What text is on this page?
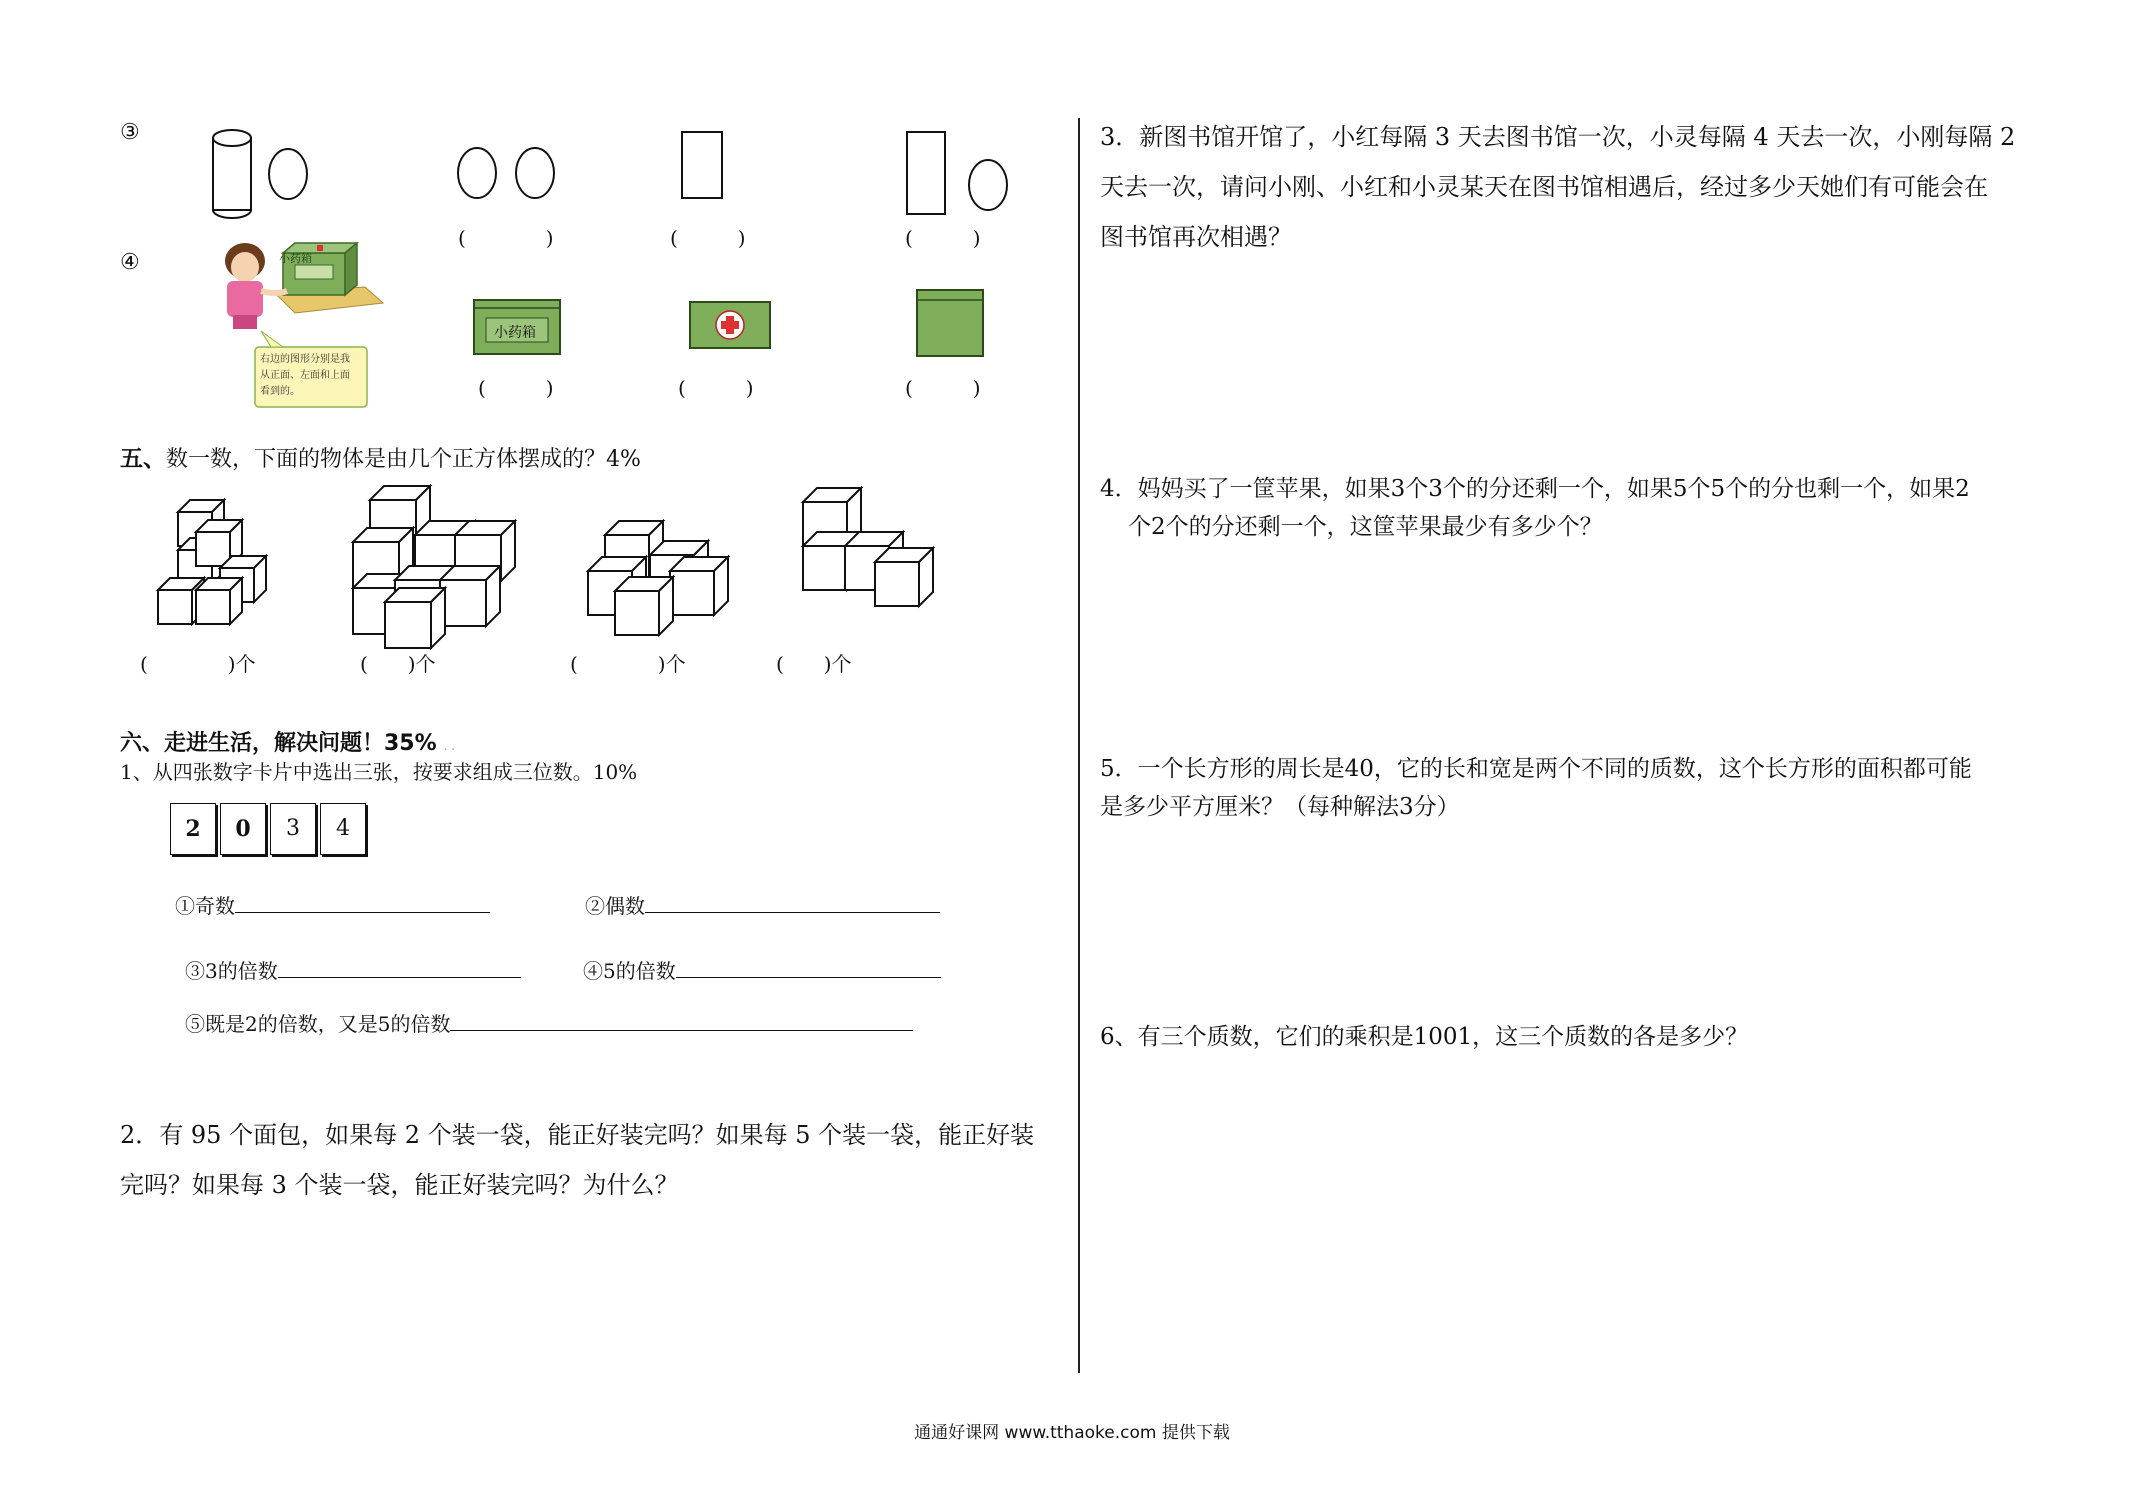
③
(　　　　)	(　　　)	(　　　)
④	小药箱
右边的图形分别是我
从正面、左面和上面
看到的。
小药箱
(　　　)	(　　　)	(　　　)
五、数一数，下面的物体是由几个正方体摆成的？4%
(　　　　)个	(　　)个	(　　　　)个	(　　)个
六、走进生活，解决问题！35% . .
1、从四张数字卡片中选出三张，按要求组成三位数。10%
2	0	3	4
①奇数	②偶数
③3的倍数	④5的倍数
⑤既是2的倍数，又是5的倍数
2．有 95 个面包，如果每 2 个装一袋，能正好装完吗？如果每 5 个装一袋，能正好装
完吗？如果每 3 个装一袋，能正好装完吗？为什么？
3．新图书馆开馆了，小红每隔 3 天去图书馆一次，小灵每隔 4 天去一次，小刚每隔 2
天去一次，请问小刚、小红和小灵某天在图书馆相遇后，经过多少天她们有可能会在
图书馆再次相遇？
4．妈妈买了一筐苹果，如果3个3个的分还剩一个，如果5个5个的分也剩一个，如果2
个2个的分还剩一个，这筐苹果最少有多少个？
5．一个长方形的周长是40，它的长和宽是两个不同的质数，这个长方形的面积都可能
是多少平方厘米？（每种解法3分）
6、有三个质数，它们的乘积是1001，这三个质数的各是多少？
通通好课网 www.tthaoke.com 提供下载
